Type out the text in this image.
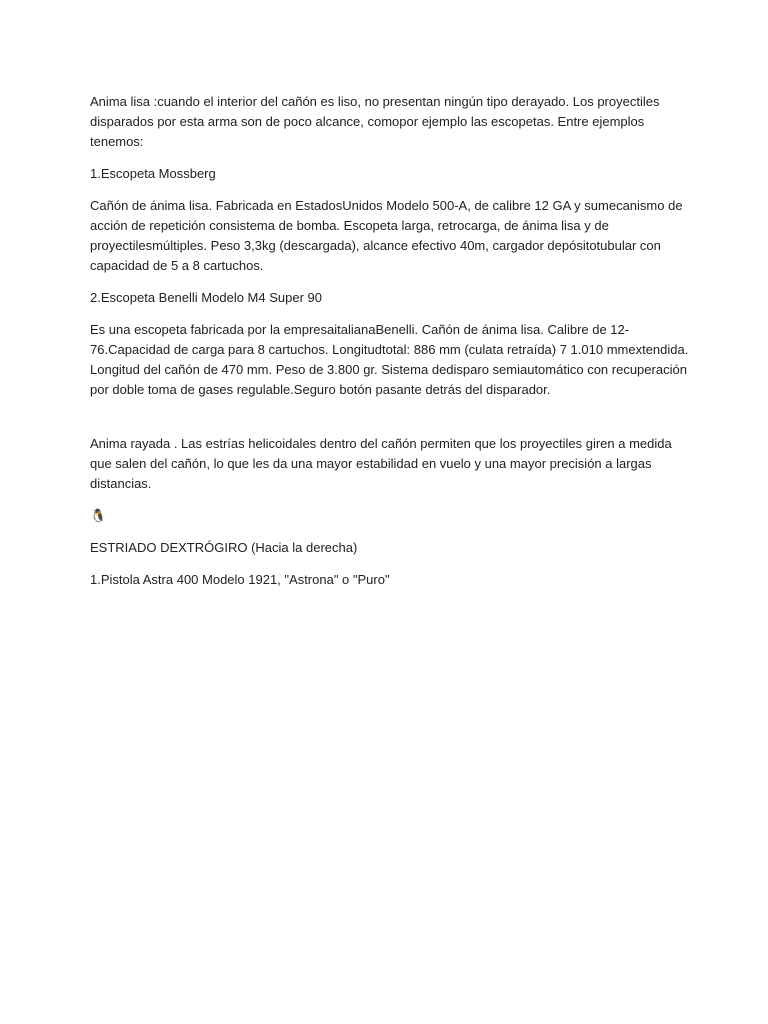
Anima lisa :cuando el interior del cañón es liso, no presentan ningún tipo derayado. Los proyectiles disparados por esta arma son de poco alcance, comopor ejemplo las escopetas. Entre ejemplos tenemos:

1.Escopeta Mossberg

Cañón de ánima lisa. Fabricada en EstadosUnidos Modelo 500-A, de calibre 12 GA y sumecanismo de acción de repetición consistema de bomba. Escopeta larga, retrocarga, de ánima lisa y de proyectilesmúltiples. Peso 3,3kg (descargada), alcance efectivo 40m, cargador depósitotubular con capacidad de 5 a 8 cartuchos.

2.Escopeta Benelli Modelo M4 Super 90

Es una escopeta fabricada por la empresaitalianaBenelli. Cañón de ánima lisa. Calibre de 12-76.Capacidad de carga para 8 cartuchos. Longitudtotal: 886 mm (culata retraída) 7 1.010 mmextendida. Longitud del cañón de 470 mm. Peso de 3.800 gr. Sistema dedisparo semiautomático con recuperación por doble toma de gases regulable.Seguro botón pasante detrás del disparador.

Anima rayada . Las estrías helicoidales dentro del cañón permiten que los proyectiles giren a medida que salen del cañón, lo que les da una mayor estabilidad en vuelo y una mayor precisión a largas distancias.

🐧

ESTRIADO DEXTRÓGIRO (Hacia la derecha)

1.Pistola Astra 400 Modelo 1921, "Astrona" o "Puro"
